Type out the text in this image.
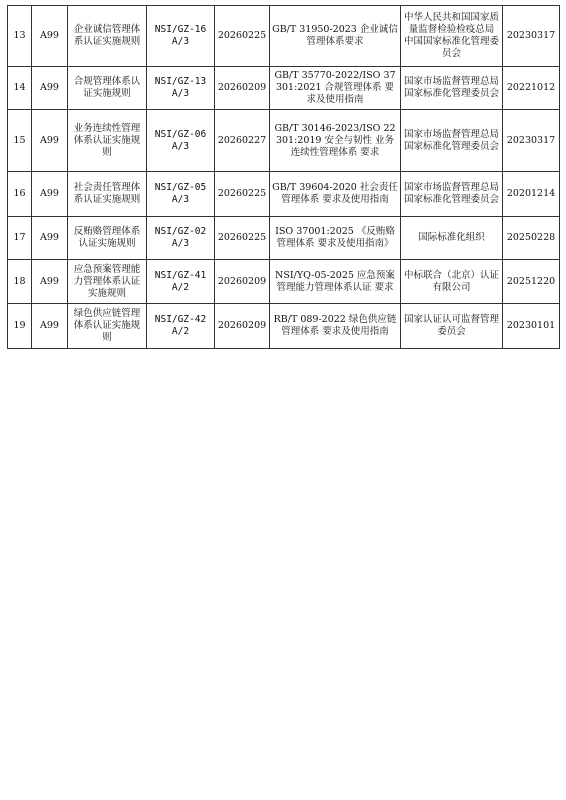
13	A99	企业诚信管理体系认证实施规则	NSI/GZ-16 A/3	20260225	GB/T 31950-2023 企业诚信管理体系要求	中华人民共和国国家质量监督检验检疫总局 中国国家标准化管理委员会	20230317
14	A99	合规管理体系认证实施规则	NSI/GZ-13 A/3	20260209	GB/T 35770-2022/ISO 37301:2021 合规管理体系 要求及使用指南	国家市场监督管理总局 国家标准化管理委员会	20221012
15	A99	业务连续性管理体系认证实施规则	NSI/GZ-06 A/3	20260227	GB/T 30146-2023/ISO 22301:2019 安全与韧性 业务连续性管理体系 要求	国家市场监督管理总局 国家标准化管理委员会	20230317
16	A99	社会责任管理体系认证实施规则	NSI/GZ-05 A/3	20260225	GB/T 39604-2020 社会责任管理体系 要求及使用指南	国家市场监督管理总局 国家标准化管理委员会	20201214
17	A99	反贿赂管理体系认证实施规则	NSI/GZ-02 A/3	20260225	ISO 37001:2025 《反贿赂管理体系 要求及使用指南》	国际标准化组织	20250228
18	A99	应急预案管理能力管理体系认证实施规则	NSI/GZ-41 A/2	20260209	NSI/YQ-05-2025 应急预案管理能力管理体系认证 要求	中标联合（北京）认证有限公司	20251220
19	A99	绿色供应链管理体系认证实施规则	NSI/GZ-42 A/2	20260209	RB/T 089-2022 绿色供应链管理体系 要求及使用指南	国家认证认可监督管理委员会	20230101
